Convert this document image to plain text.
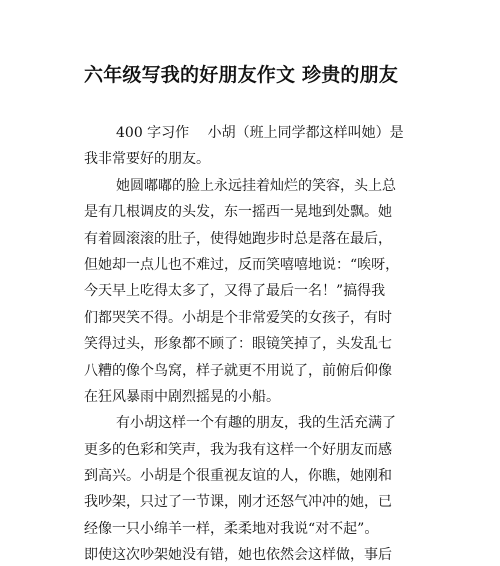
六年级写我的好朋友作文 珍贵的朋友
400 字习作　 小胡（班上同学都这样叫她）是
我非常要好的朋友。
她圆嘟嘟的脸上永远挂着灿烂的笑容，头上总
是有几根调皮的头发，东一摇西一晃地到处飘。她
有着圆滚滚的肚子，使得她跑步时总是落在最后，
但她却一点儿也不难过，反而笑嘻嘻地说：“唉呀，
今天早上吃得太多了，又得了最后一名！”搞得我
们都哭笑不得。小胡是个非常爱笑的女孩子，有时
笑得过头，形象都不顾了：眼镜笑掉了，头发乱七
八糟的像个鸟窝，样子就更不用说了，前俯后仰像
在狂风暴雨中剧烈摇晃的小船。
有小胡这样一个有趣的朋友，我的生活充满了
更多的色彩和笑声，我为我有这样一个好朋友而感
到高兴。小胡是个很重视友谊的人，你瞧，她刚和
我吵架，只过了一节课，刚才还怒气冲冲的她，已
经像一只小绵羊一样，柔柔地对我说“对不起”。
即使这次吵架她没有错，她也依然会这样做，事后
